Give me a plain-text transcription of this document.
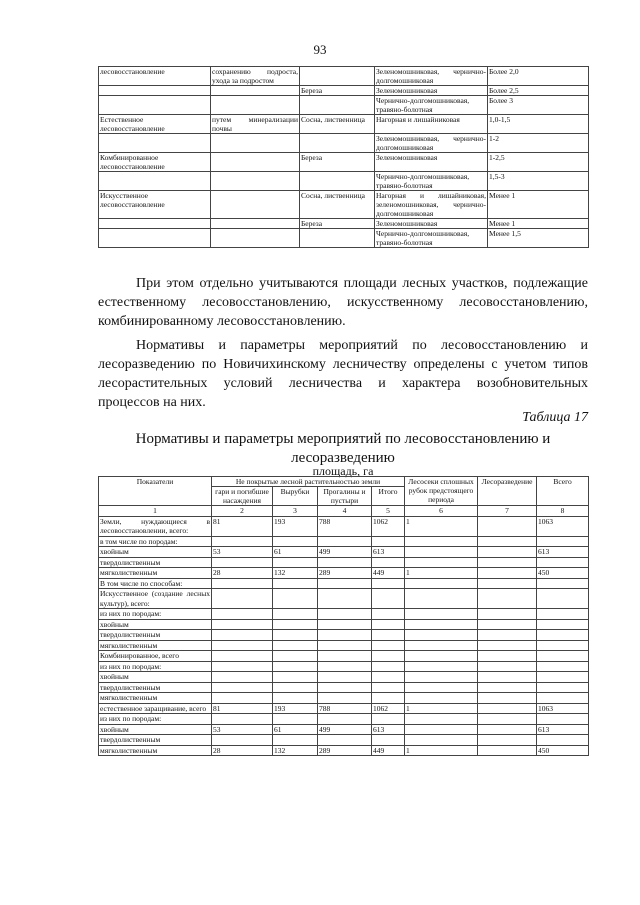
93
лесовосстановление	сохранению подроста, ухода за подростом		Зеленомошниковая, чернично-долгомошниковая	Более 2,0
		Береза	Зеленомошниковая	Более 2,5
			Чернично-долгомошниковая, травяно-болотная	Более 3
Естественное лесовосстановление	путем минерализации почвы	Сосна, лиственница	Нагорная и лишайниковая	1,0-1,5
			Зеленомошниковая, чернично-долгомошниковая	1-2
Комбинированное лесовосстановление		Береза	Зеленомошниковая	1-2,5
			Чернично-долгомошниковая, травяно-болотная	1,5-3
Искусственное лесовосстановление		Сосна, лиственница	Нагорная и лишайниковая, зеленомошниковая, чернично-долгомошниковая	Менее 1
		Береза	Зеленомошниковая	Менее 1
			Чернично-долгомошниковая, травяно-болотная	Менее 1,5

При этом отдельно учитываются площади лесных участков, подлежащие естественному лесовосстановлению, искусственному лесовосстановлению, комбинированному лесовосстановлению.

Нормативы и параметры мероприятий по лесовосстановлению и лесоразведению по Новичихинскому лесничеству определены с учетом типов лесорастительных условий лесничества и характера возобновительных процессов на них.

Таблица 17
Нормативы и параметры мероприятий по лесовосстановлению и лесоразведению
площадь, га
Показатели	Не покрытые лесной растительностью земли				Лесосеки сплошных рубок предстоящего периода	Лесоразведение	Всего
	гари и погибшие насаждения	Вырубки	Прогалины и пустыри	Итого			
1	2	3	4	5	6	7	8
Земли, нуждающиеся в лесовосстановлении, всего:	81	193	788	1062	1		1063
в том числе по породам:							
хвойным	53	61	499	613			613
твердолиственным							
мягколиственным	28	132	289	449	1		450
В том числе по способам:							
Искусственное (создание лесных культур), всего:							
из них по породам:							
хвойным							
твердолиственным							
мягколиственным							
Комбинированное, всего							
из них по породам:							
хвойным							
твердолиственным							
мягколиственным							
естественное заращивание, всего	81	193	788	1062	1		1063
из них по породам:							
хвойным	53	61	499	613			613
твердолиственным							
мягколиственным	28	132	289	449	1		450
